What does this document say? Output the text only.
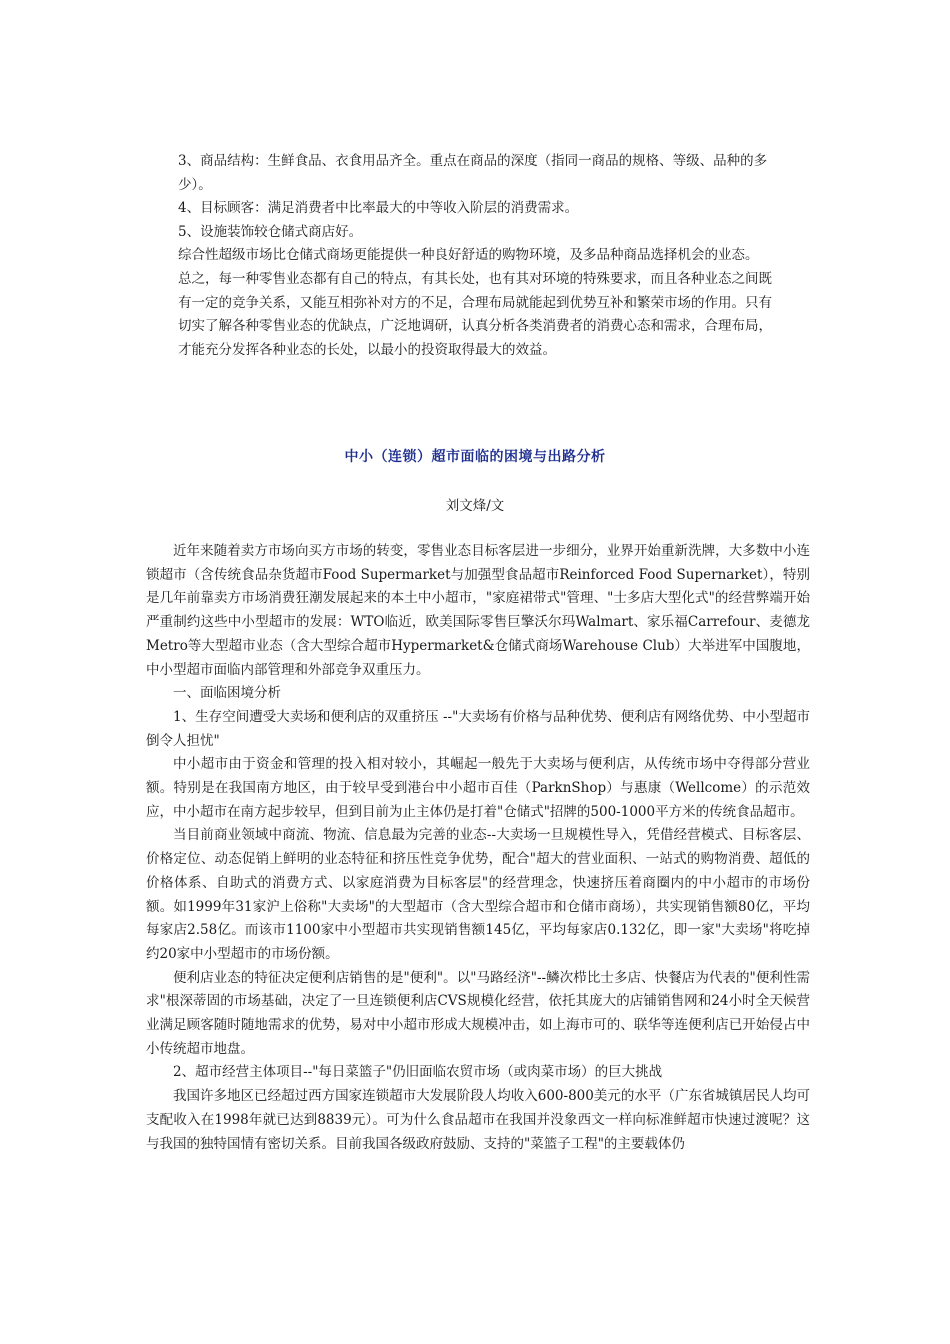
3、商品结构：生鲜食品、衣食用品齐全。重点在商品的深度（指同一商品的规格、等级、品种的多少）。

4、目标顾客：满足消费者中比率最大的中等收入阶层的消费需求。

5、设施装饰较仓储式商店好。

综合性超级市场比仓储式商场更能提供一种良好舒适的购物环境，及多品种商品选择机会的业态。

总之，每一种零售业态都有自己的特点，有其长处，也有其对环境的特殊要求，而且各种业态之间既有一定的竞争关系，又能互相弥补对方的不足，合理布局就能起到优势互补和繁荣市场的作用。只有切实了解各种零售业态的优缺点，广泛地调研，认真分析各类消费者的消费心态和需求，合理布局，才能充分发挥各种业态的长处，以最小的投资取得最大的效益。

中小（连锁）超市面临的困境与出路分析
刘文烽/文

近年来随着卖方市场向买方市场的转变，零售业态目标客层进一步细分，业界开始重新洗牌，大多数中小连锁超市（含传统食品杂货超市Food Supermarket与加强型食品超市Reinforced Food Supernarket），特别是几年前靠卖方市场消费狂潮发展起来的本土中小超市，"家庭裙带式"管理、"士多店大型化式"的经营弊端开始严重制约这些中小型超市的发展：WTO临近，欧美国际零售巨擎沃尔玛Walmart、家乐福Carrefour、麦德龙Metro等大型超市业态（含大型综合超市Hypermarket&仓储式商场Warehouse Club）大举进军中国腹地，中小型超市面临内部管理和外部竞争双重压力。

一、面临困境分析

1、生存空间遭受大卖场和便利店的双重挤压 --"大卖场有价格与品种优势、便利店有网络优势、中小型超市倒令人担忧"

中小超市由于资金和管理的投入相对较小，其崛起一般先于大卖场与便利店，从传统市场中夺得部分营业额。特别是在我国南方地区，由于较早受到港台中小超市百佳（ParknShop）与惠康（Wellcome）的示范效应，中小超市在南方起步较早，但到目前为止主体仍是打着"仓储式"招牌的500-1000平方米的传统食品超市。

当目前商业领域中商流、物流、信息最为完善的业态--大卖场一旦规模性导入，凭借经营模式、目标客层、价格定位、动态促销上鲜明的业态特征和挤压性竞争优势，配合"超大的营业面积、一站式的购物消费、超低的价格体系、自助式的消费方式、以家庭消费为目标客层"的经营理念，快速挤压着商圈内的中小超市的市场份额。如1999年31家沪上俗称"大卖场"的大型超市（含大型综合超市和仓储市商场），共实现销售额80亿，平均每家店2.58亿。而该市1100家中小型超市共实现销售额145亿，平均每家店0.132亿，即一家"大卖场"将吃掉约20家中小型超市的市场份额。

便利店业态的特征决定便利店销售的是"便利"。以"马路经济"--鳞次栉比士多店、快餐店为代表的"便利性需求"根深蒂固的市场基础，决定了一旦连锁便利店CVS规模化经营，依托其庞大的店铺销售网和24小时全天候营业满足顾客随时随地需求的优势，易对中小超市形成大规模冲击，如上海市可的、联华等连便利店已开始侵占中小传统超市地盘。

2、超市经营主体项目--"每日菜篮子"仍旧面临农贸市场（或肉菜市场）的巨大挑战

我国许多地区已经超过西方国家连锁超市大发展阶段人均收入600-800美元的水平（广东省城镇居民人均可支配收入在1998年就已达到8839元）。可为什么食品超市在我国并没象西文一样向标准鲜超市快速过渡呢？这与我国的独特国情有密切关系。目前我国各级政府鼓励、支持的"菜篮子工程"的主要载体仍
